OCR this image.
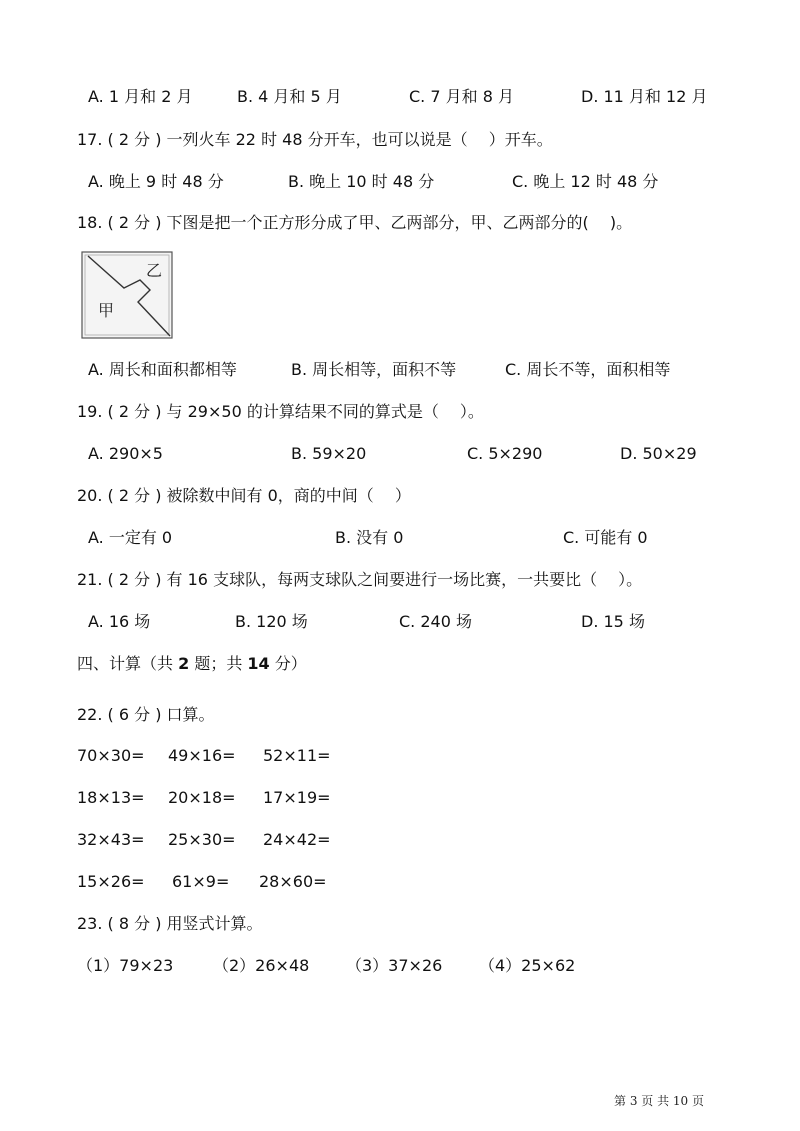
A. 1 月和 2 月	B. 4 月和 5 月	C. 7 月和 8 月	D. 11 月和 12 月
17. ( 2 分 ) 一列火车 22 时 48 分开车，也可以说是（　 ）开车。
A. 晚上 9 时 48 分	B. 晚上 10 时 48 分	C. 晚上 12 时 48 分
18. ( 2 分 ) 下图是把一个正方形分成了甲、乙两部分，甲、乙两部分的(　 )。
乙
甲
A. 周长和面积都相等	B. 周长相等，面积不等	C. 周长不等，面积相等
19. ( 2 分 ) 与 29×50 的计算结果不同的算式是（　 ）。
A. 290×5	B. 59×20	C. 5×290	D. 50×29
20. ( 2 分 ) 被除数中间有 0，商的中间（　 ）
A. 一定有 0	B. 没有 0	C. 可能有 0
21. ( 2 分 ) 有 16 支球队，每两支球队之间要进行一场比赛，一共要比（　 ）。
A. 16 场	B. 120 场	C. 240 场	D. 15 场
四、计算（共 2 题；共 14 分）
22. ( 6 分 ) 口算。
70×30= 49×16= 52×11=
18×13= 20×18= 17×19=
32×43= 25×30= 24×42=
15×26= 61×9= 28×60=
23. ( 8 分 ) 用竖式计算。
（1）79×23 （2）26×48 （3）37×26 （4）25×62
第 3 页 共 10 页
